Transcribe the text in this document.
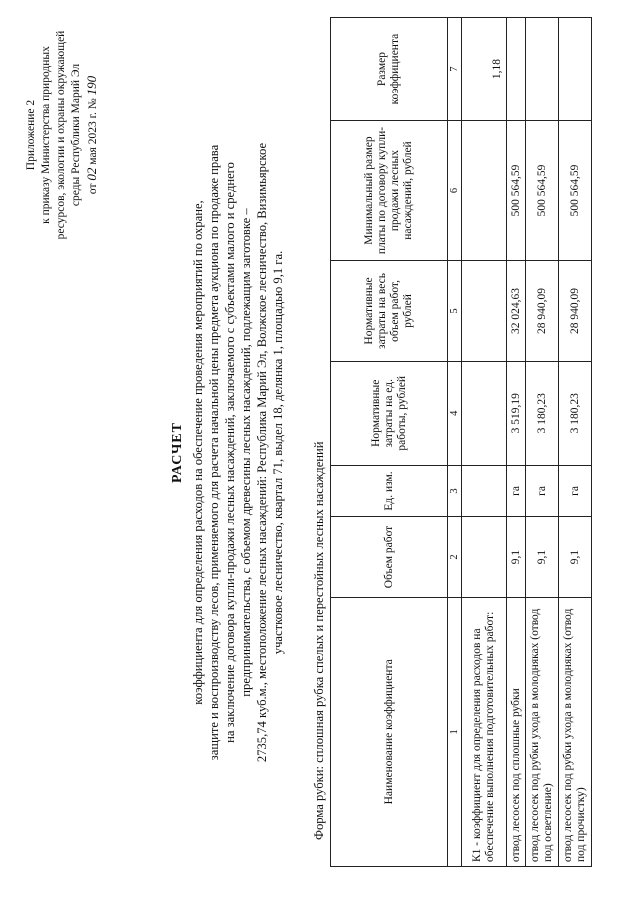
Приложение 2 к приказу Министерства природных ресурсов, экологии и охраны окружающей среды Республики Марий Эл от 02 мая 2023 г. № 190
РАСЧЕТ коэффициента для определения расходов на обеспечение проведения мероприятий по охране, защите и воспроизводству лесов, применяемого для расчета начальной цены предмета аукциона по продаже права на заключение договора купли-продажи лесных насаждений, заключаемого с субъектами малого и среднего предпринимательства, с объемом древесины лесных насаждений, подлежащим заготовке – 2735,74 куб.м., местоположение лесных насаждений: Республика Марий Эл, Волжское лесничество, Визимьярское участковое лесничество, квартал 71, выдел 18, делянка 1, площадью 9,1 га. Форма рубки: сплошная рубка спелых и перестойных лесных насаждений	Наименование коэффициента	Объем работ	Ед. изм.	Нормативные затраты на ед. работы, рублей	Нормативные затраты на весь объем работ, рублей	Минимальный размер платы по договору купли-продажи лесных насаждений, рублей	Размер коэффициента
1	2	3	4	5	6	7
К1 - коэффициент для определения расходов на обеспечение выполнения подготовительных работ:						1,18
отвод лесосек под сплошные рубки	9,1	га	3 519,19	32 024,63	500 564,59	
отвод лесосек под рубки ухода в молодняках (отвод под осветление)	9,1	га	3 180,23	28 940,09	500 564,59	
отвод лесосек под рубки ухода в молодняках (отвод под прочистку)	9,1	га	3 180,23	28 940,09	500 564,59	
